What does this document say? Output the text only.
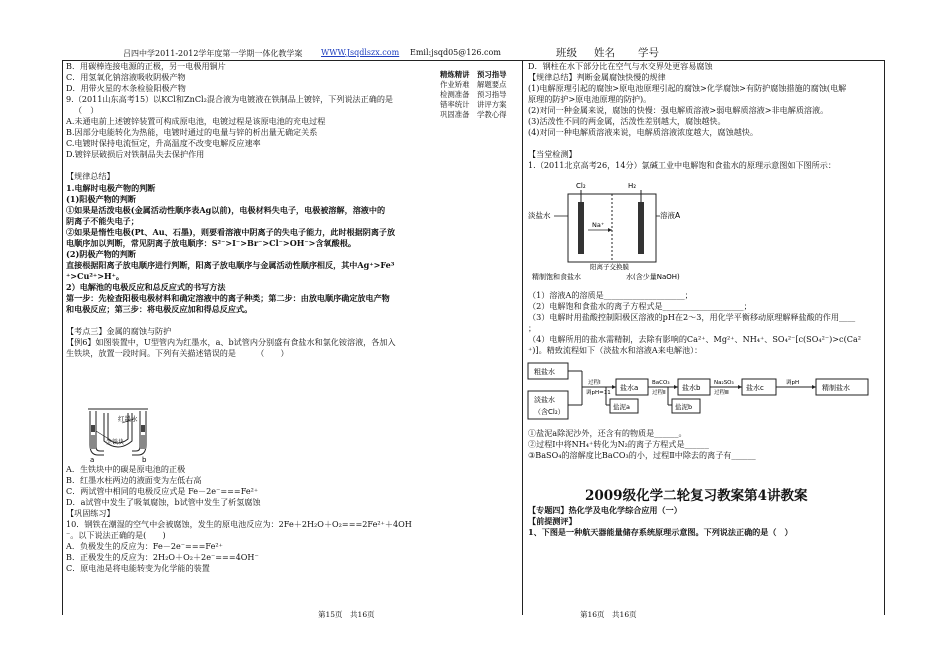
吕四中学2011-2012学年度第一学期一体化教学案 WWW.Jsqdlszx.com Emil:jsqd05@126.com	班级 姓名 学号
B．用碳棒连接电源的正极，另一电极用铜片
C．用氢氧化钠溶液吸收阴极产物
D．用带火星的木条检验阳极产物
9.（2011山东高考15）以KCl和ZnCl₂混合液为电镀液在铁制品上镀锌，下列说法正确的是
（　）
A.未通电前上述镀锌装置可构成原电池，电镀过程是该原电池的充电过程
B.因部分电能转化为热能，电镀时通过的电量与锌的析出量无确定关系
C.电镀时保持电流恒定，升高温度不改变电解反应速率
D.镀锌层破损后对铁制品失去保护作用

【规律总结】
1.电解时电极产物的判断
(1)阳极产物的判断
①如果是活泼电极(金属活动性顺序表Ag以前)，电极材料失电子，电极被溶解，溶液中的
阴离子不能失电子；
②如果是惰性电极(Pt、Au、石墨)，则要看溶液中阴离子的失电子能力，此时根据阴离子放
电顺序加以判断，常见阴离子放电顺序：S²⁻>I⁻>Br⁻>Cl⁻>OH⁻>含氧酸根。
(2)阴极产物的判断
直接根据阳离子放电顺序进行判断，阳离子放电顺序与金属活动性顺序相反，其中Ag⁺>Fe³
⁺>Cu²⁺>H⁺。
2）电解池的电极反应和总反应式的书写方法
第一步：先检查阳极电极材料和确定溶液中的离子种类；第二步：由放电顺序确定放电产物
和电极反应；第三步：将电极反应加和得总反应式。

【考点三】金属的腐蚀与防护
【例6】如图装置中，U型管内为红墨水，a、b试管内分别盛有食盐水和氯化铵溶液，各加入
生铁块，放置一段时间。下列有关描述错误的是　　　（　　）
红墨水
生铁块
a	b
A．生铁块中的碳是原电池的正极
B．红墨水柱两边的液面变为左低右高
C．两试管中相同的电极反应式是 Fe－2e⁻===Fe²⁺
D．a试管中发生了吸氧腐蚀，b试管中发生了析氢腐蚀
【巩固练习】
10．钢铁在潮湿的空气中会被腐蚀，发生的原电池反应为：2Fe＋2H₂O＋O₂===2Fe²⁺＋4OH
⁻。以下说法正确的是(　　)
A．负极发生的反应为：Fe－2e⁻===Fe²⁺
B．正极发生的反应为：2H₂O＋O₂＋2e⁻===4OH⁻
C．原电池是将电能转变为化学能的装置
精炼精讲　预习指导
作业矫难　解题要点
检测准备　预习指导
错率统计　讲评方案
巩固准备　学教心得
D．钢柱在水下部分比在空气与水交界处更容易腐蚀
【规律总结】判断金属腐蚀快慢的规律
(1)电解原理引起的腐蚀>原电池原理引起的腐蚀>化学腐蚀>有防护腐蚀措施的腐蚀(电解
原理的防护>原电池原理的防护)。
(2)对同一种金属来说，腐蚀的快慢：强电解质溶液>弱电解质溶液>非电解质溶液。
(3)活泼性不同的两金属，活泼性差别越大，腐蚀越快。
(4)对同一种电解质溶液来说，电解质溶液浓度越大，腐蚀越快。

【当堂检测】
1.（2011北京高考26，14分）氯碱工业中电解饱和食盐水的原理示意图如下图所示：
Cl₂	H₂
Na⁺
淡盐水	溶液A
阳离子交换膜
精制饱和食盐水	水(含少量NaOH)
（1）溶液A的溶质是____________________；
（2）电解饱和食盐水的离子方程式是____________________；
（3）电解时用盐酸控制阳极区溶液的pH在2～3，用化学平衡移动原理解释盐酸的作用____
；
（4）电解所用的盐水需精制，去除有影响的Ca²⁺、Mg²⁺、NH₄⁺、SO₄²⁻[c(SO₄²⁻)>c(Ca²
⁺)]。精致流程如下（淡盐水和溶液A来电解池）：
粗盐水
淡盐水
（含Cl₂）
过程Ⅰ
调pH=11
盐水a
BaCO₃
过程Ⅱ
盐水b
Na₂SO₃
过程Ⅲ
盐水c
调pH
精制盐水
盐泥a	盐泥b
①盐泥a除泥沙外，还含有的物质是______。
②过程Ⅰ中将NH₄⁺转化为N₂的离子方程式是______
③BaSO₄的溶解度比BaCO₃的小，过程Ⅱ中除去的离子有______
2009级化学二轮复习教案第4讲教案
【专题四】热化学及电化学综合应用（一）
【前提测评】
1、下图是一种航天器能量储存系统原理示意图。下列说法正确的是（　）
第15页　共16页	第16页　共16页
